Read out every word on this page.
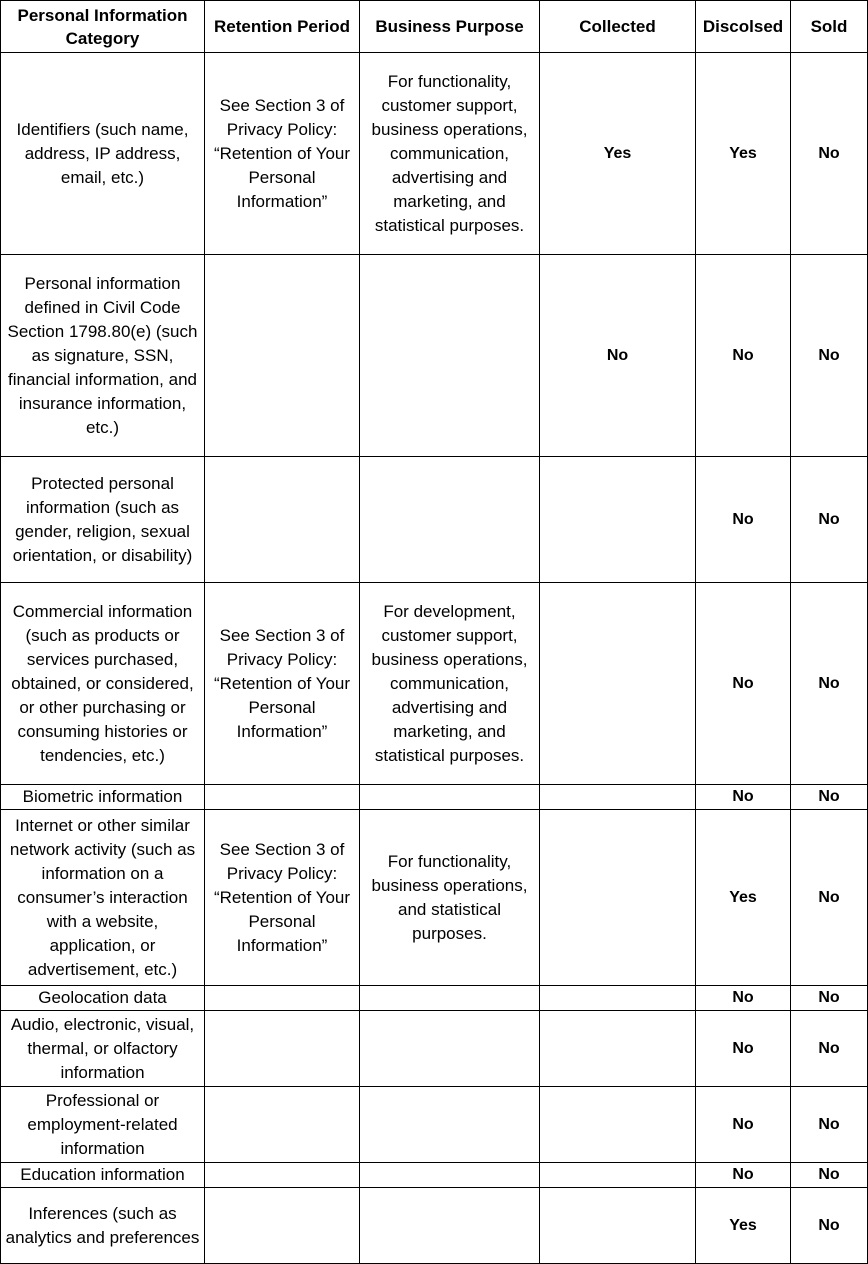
Personal Information Category	Retention Period	Business Purpose	Collected	Discolsed	Sold
Identifiers (such name, address, IP address, email, etc.)	See Section 3 of Privacy Policy: “Retention of Your Personal Information”	For functionality, customer support, business operations, communication, advertising and marketing, and statistical purposes.	Yes	Yes	No
Personal information defined in Civil Code Section 1798.80(e) (such as signature, SSN, financial information, and insurance information, etc.)			No	No	No
Protected personal information (such as gender, religion, sexual orientation, or disability)				No	No
Commercial information (such as products or services purchased, obtained, or considered, or other purchasing or consuming histories or tendencies, etc.)	See Section 3 of Privacy Policy: “Retention of Your Personal Information”	For development, customer support, business operations, communication, advertising and marketing, and statistical purposes.		No	No
Biometric information				No	No
Internet or other similar network activity (such as information on a consumer’s interaction with a website, application, or advertisement, etc.)	See Section 3 of Privacy Policy: “Retention of Your Personal Information”	For functionality, business operations, and statistical purposes.		Yes	No
Geolocation data				No	No
Audio, electronic, visual, thermal, or olfactory information				No	No
Professional or employment-related information				No	No
Education information				No	No
Inferences (such as analytics and preferences				Yes	No
